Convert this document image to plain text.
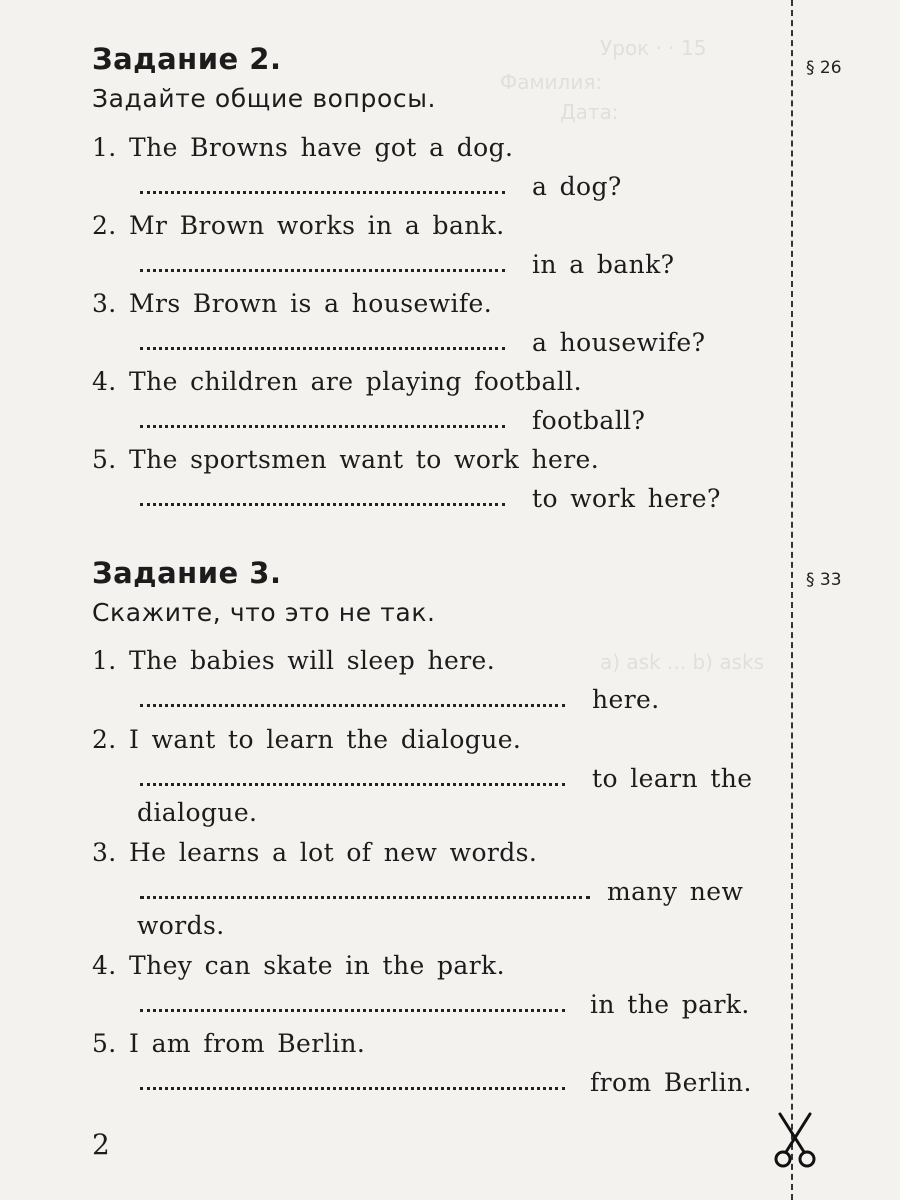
Урок · · 15
Фамилия:
Дата:
a) ask ... b) asks
§ 26
§ 33
Задание 2.
Задайте общие вопросы.
1. The Browns have got a dog.
a dog?
2. Mr Brown works in a bank.
in a bank?
3. Mrs Brown is a housewife.
a housewife?
4. The children are playing football.
football?
5. The sportsmen want to work here.
to work here?
Задание 3.
Скажите, что это не так.
1. The babies will sleep here.
here.
2. I want to learn the dialogue.
to learn the
dialogue.
3. He learns a lot of new words.
many new
words.
4. They can skate in the park.
in the park.
5. I am from Berlin.
from Berlin.
2
